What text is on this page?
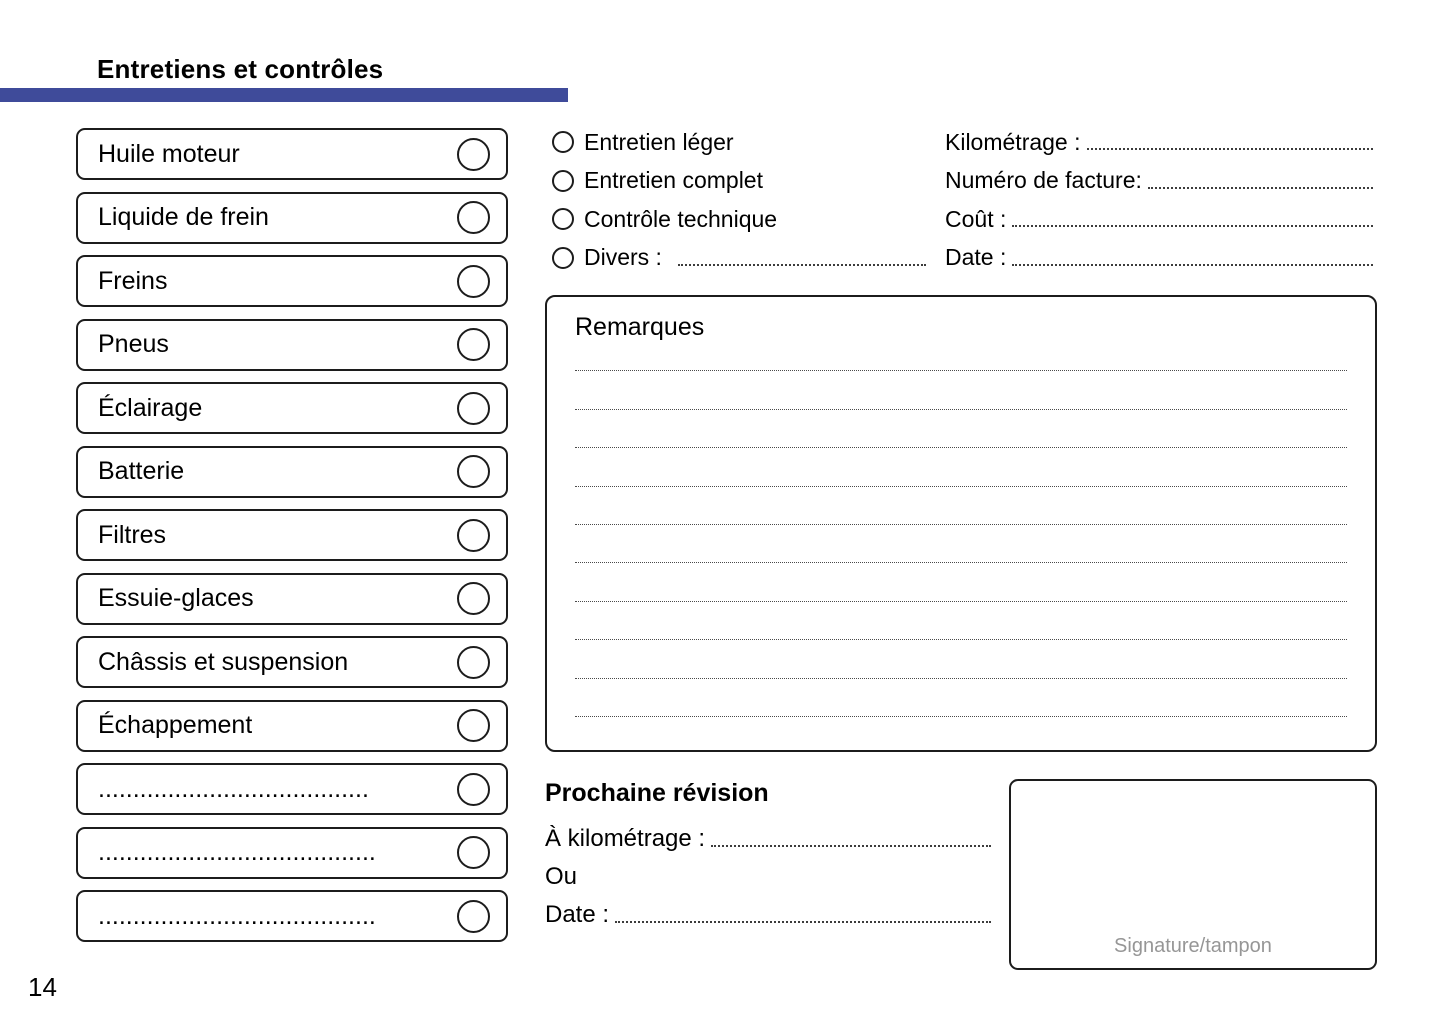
Entretiens et contrôles
Huile moteur
Liquide de frein
Freins
Pneus
Éclairage
Batterie
Filtres
Essuie-glaces
Châssis et suspension
Échappement
.......................................
........................................
........................................
Entretien léger
Entretien complet
Contrôle technique
Divers :
Kilométrage :
Numéro de facture:
Coût :
Date :
Remarques
Prochaine révision
À kilométrage :
Ou
Date :
Signature/tampon
14
